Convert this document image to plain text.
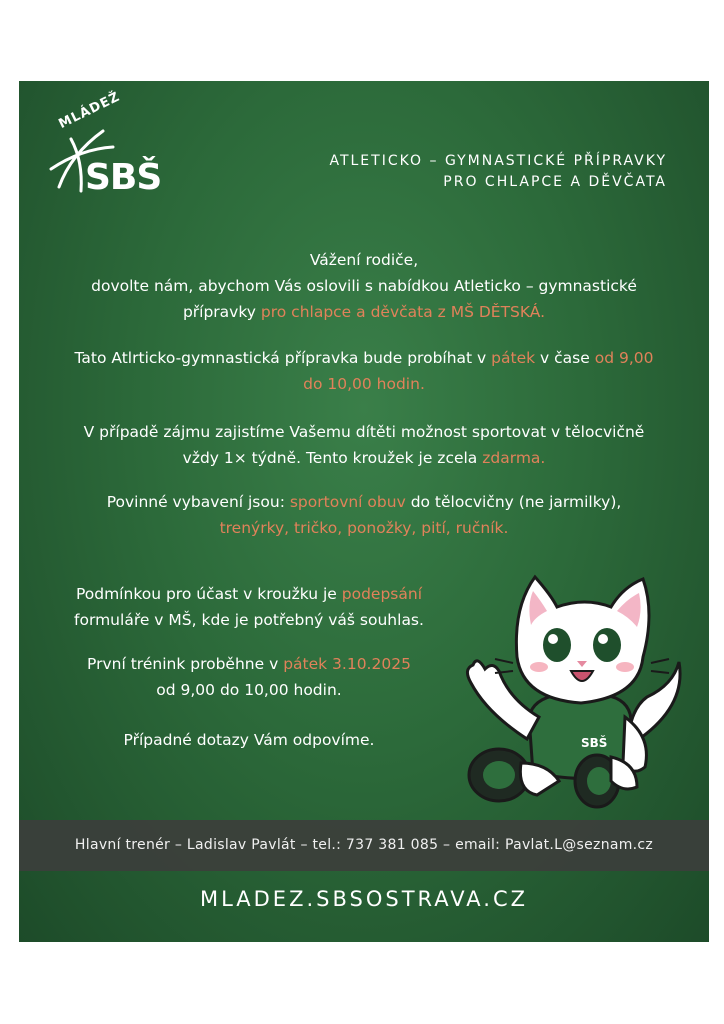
MLÁDEŽ
SBŠ	ATLETICKO – GYMNASTICKÉ PŘÍPRAVKY
PRO CHLAPCE A DĚVČATA
Vážení rodiče,
dovolte nám, abychom Vás oslovili s nabídkou Atleticko – gymnastické
přípravky pro chlapce a děvčata z MŠ DĚTSKÁ.
Tato Atlrticko-gymnastická přípravka bude probíhat v pátek v čase od 9,00
do 10,00 hodin.
V případě zájmu zajistíme Vašemu dítěti možnost sportovat v tělocvičně
vždy 1× týdně. Tento kroužek je zcela zdarma.
Povinné vybavení jsou: sportovní obuv do tělocvičny (ne jarmilky),
trenýrky, tričko, ponožky, pití, ručník.
Podmínkou pro účast v kroužku je podepsání
formuláře v MŠ, kde je potřebný váš souhlas.
První trénink proběhne v pátek 3.10.2025
od 9,00 do 10,00 hodin.
Případné dotazy Vám odpovíme.	SBŠ
Hlavní trenér – Ladislav Pavlát – tel.: 737 381 085 – email: Pavlat.L@seznam.cz
MLADEZ.SBSOSTRAVA.CZ
